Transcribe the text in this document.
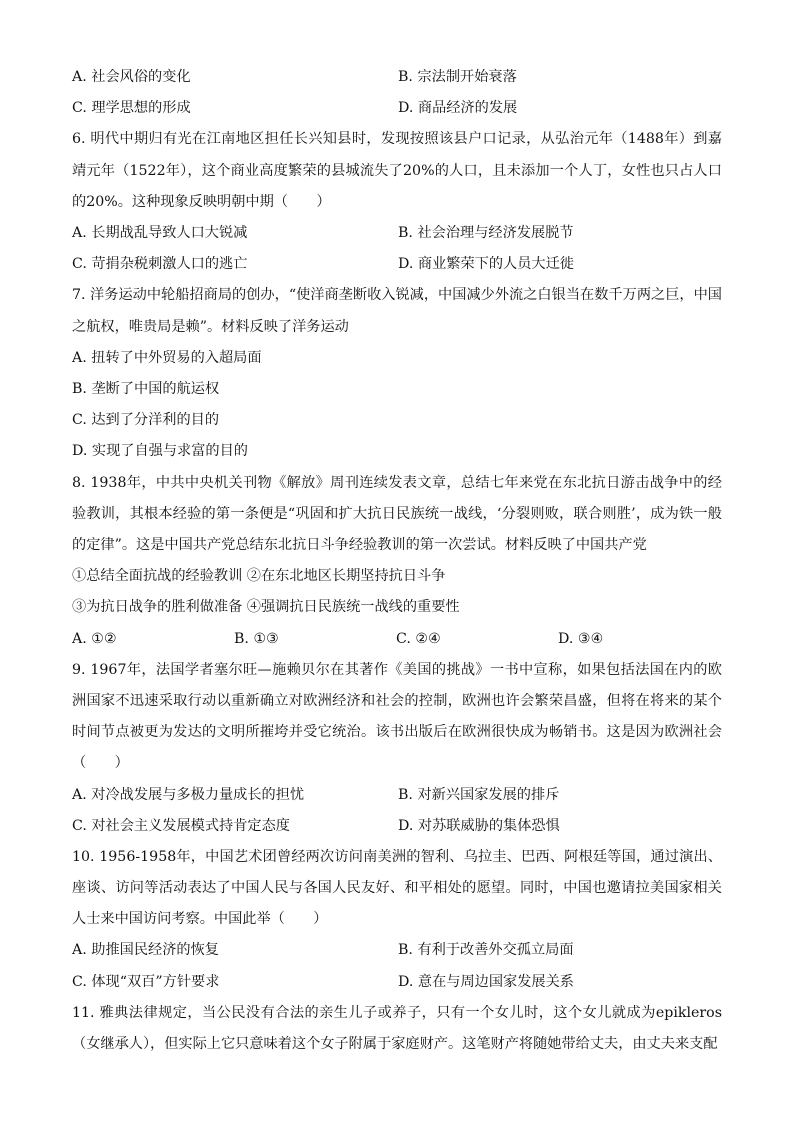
A. 社会风俗的变化	B. 宗法制开始衰落
C. 理学思想的形成	D. 商品经济的发展
6. 明代中期归有光在江南地区担任长兴知县时，发现按照该县户口记录，从弘治元年（1488年）到嘉靖元年（1522年），这个商业高度繁荣的县城流失了20%的人口，且未添加一个人丁，女性也只占人口的20%。这种现象反映明朝中期（　　）
A. 长期战乱导致人口大锐减	B. 社会治理与经济发展脱节
C. 苛捐杂税刺激人口的逃亡	D. 商业繁荣下的人员大迁徙
7. 洋务运动中轮船招商局的创办，“使洋商垄断收入锐减，中国减少外流之白银当在数千万两之巨，中国之航权，唯贵局是赖”。材料反映了洋务运动
A. 扭转了中外贸易的入超局面
B. 垄断了中国的航运权
C. 达到了分洋利的目的
D. 实现了自强与求富的目的
8. 1938年，中共中央机关刊物《解放》周刊连续发表文章，总结七年来党在东北抗日游击战争中的经验教训，其根本经验的第一条便是“巩固和扩大抗日民族统一战线，‘分裂则败，联合则胜’，成为铁一般的定律”。这是中国共产党总结东北抗日斗争经验教训的第一次尝试。材料反映了中国共产党
①总结全面抗战的经验教训 ②在东北地区长期坚持抗日斗争
③为抗日战争的胜利做准备 ④强调抗日民族统一战线的重要性
A. ①②	B. ①③	C. ②④	D. ③④
9. 1967年，法国学者塞尔旺—施赖贝尔在其著作《美国的挑战》一书中宣称，如果包括法国在内的欧洲国家不迅速采取行动以重新确立对欧洲经济和社会的控制，欧洲也许会繁荣昌盛，但将在将来的某个时间节点被更为发达的文明所摧垮并受它统治。该书出版后在欧洲很快成为畅销书。这是因为欧洲社会（　　）
A. 对冷战发展与多极力量成长的担忧	B. 对新兴国家发展的排斥
C. 对社会主义发展模式持肯定态度	D. 对苏联威胁的集体恐惧
10. 1956-1958年，中国艺术团曾经两次访问南美洲的智利、乌拉圭、巴西、阿根廷等国，通过演出、座谈、访问等活动表达了中国人民与各国人民友好、和平相处的愿望。同时，中国也邀请拉美国家相关人士来中国访问考察。中国此举（　　）
A. 助推国民经济的恢复	B. 有利于改善外交孤立局面
C. 体现“双百”方针要求	D. 意在与周边国家发展关系
11. 雅典法律规定，当公民没有合法的亲生儿子或养子，只有一个女儿时，这个女儿就成为epikleros（女继承人），但实际上它只意味着这个女子附属于家庭财产。这笔财产将随她带给丈夫，由丈夫来支配
